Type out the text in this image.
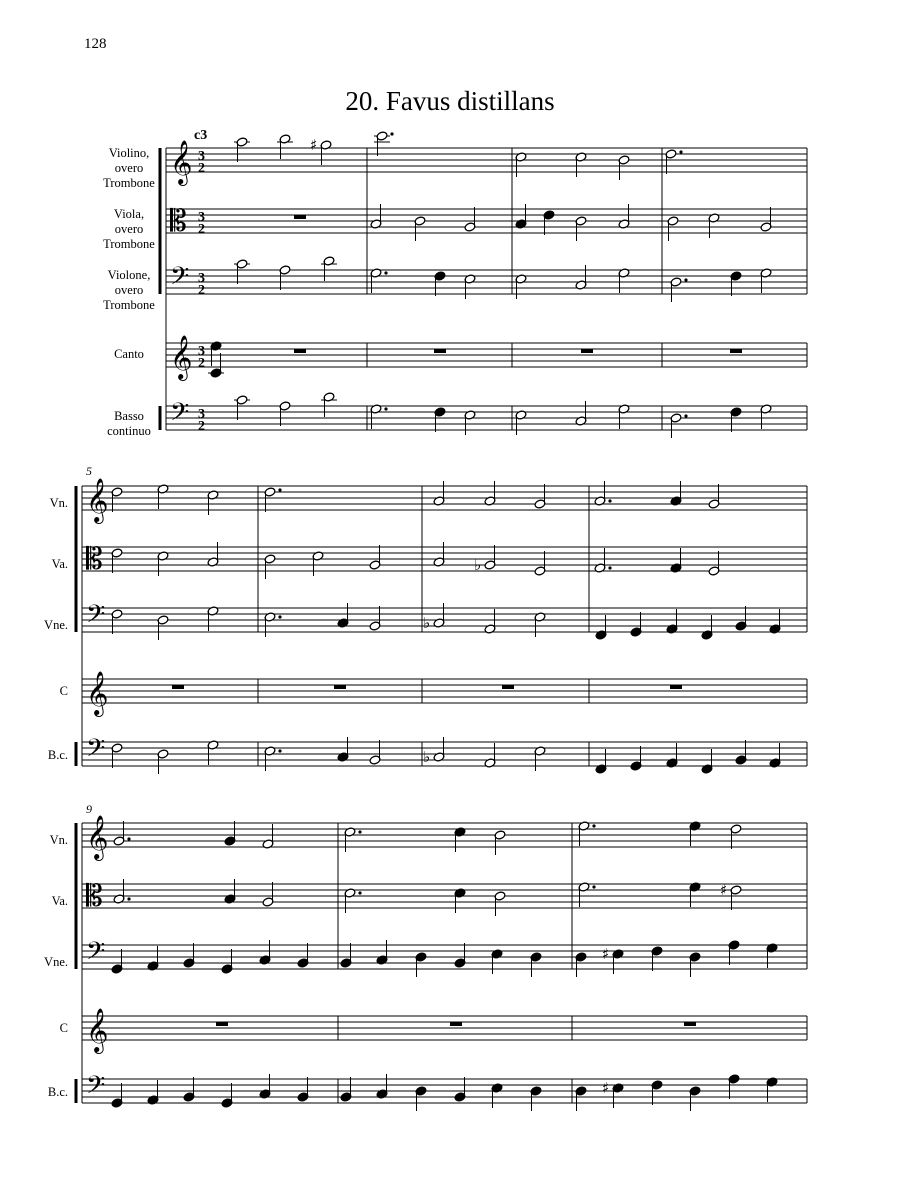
128
20. Favus distillans
Violino,
overo
Trombone
Viola,
overo
Trombone
Violone,
overo
Trombone
Canto
Basso
continuo
c3
5
Vn.
Va.
Vne.
C
B.c.
9
Vn.
Va.
Vne.
C
B.c.
𝄞 3
2
𝄡 3
2
𝄢 3
2
𝄞 3
2
𝄢 3
2
♯
𝄞
𝄡
𝄢
𝄞
𝄢
♭
♭
♭
𝄞
𝄡
𝄢
𝄞
𝄢
♯
♯
♯
